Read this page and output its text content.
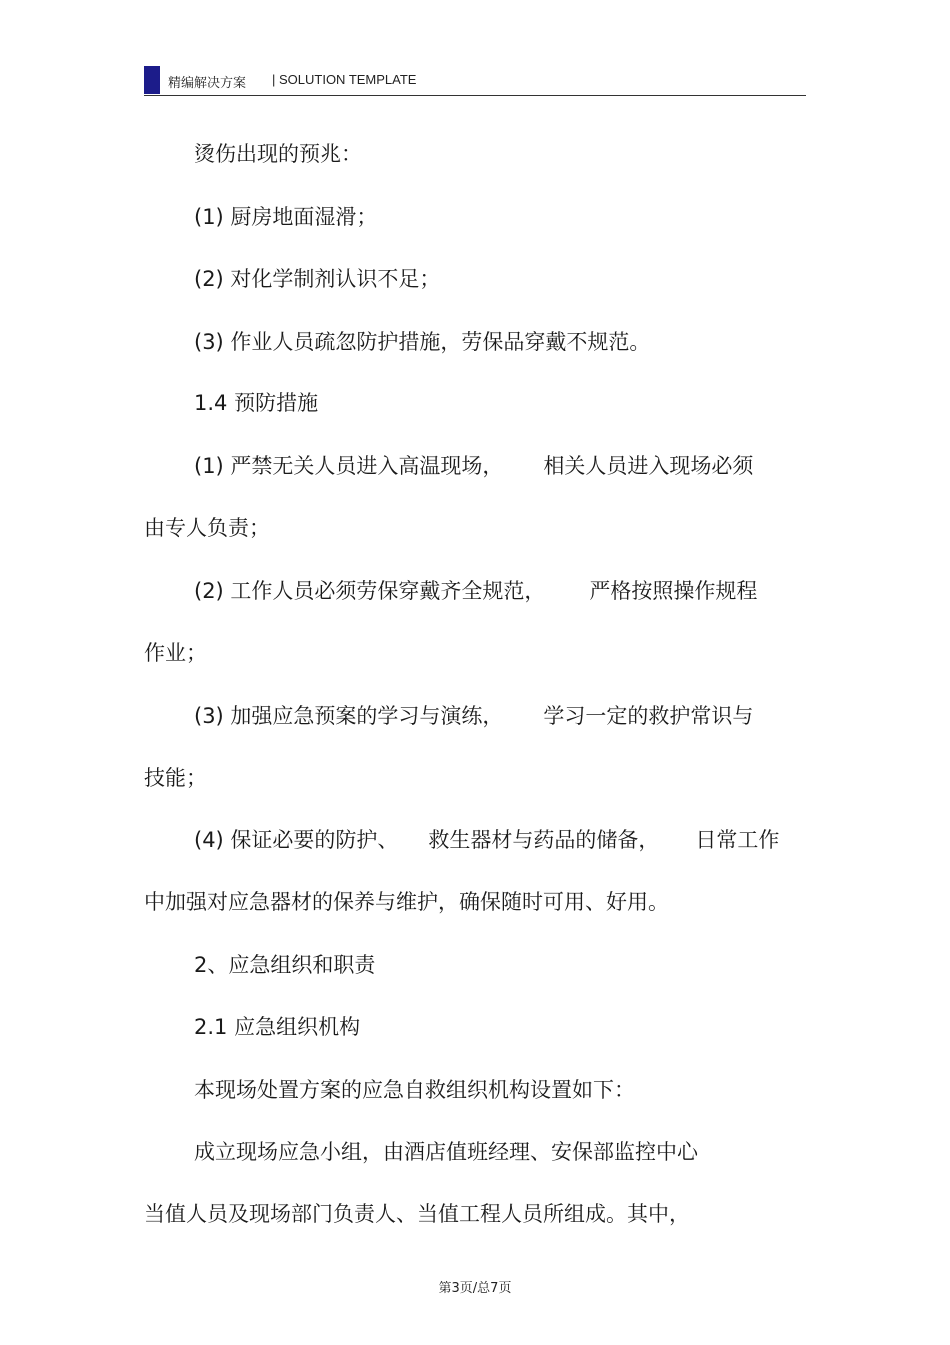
精编解决方案 | SOLUTION TEMPLATE
烫伤出现的预兆：
(1) 厨房地面湿滑；
(2) 对化学制剂认识不足；
(3) 作业人员疏忽防护措施，劳保品穿戴不规范。
1.4 预防措施
(1) 严禁无关人员进入高温现场， 相关人员进入现场必须
由专人负责；
(2) 工作人员必须劳保穿戴齐全规范， 严格按照操作规程
作业；
(3) 加强应急预案的学习与演练， 学习一定的救护常识与
技能；
(4) 保证必要的防护、 救生器材与药品的储备， 日常工作
中加强对应急器材的保养与维护，确保随时可用、好用。
2、应急组织和职责
2.1 应急组织机构
本现场处置方案的应急自救组织机构设置如下：
成立现场应急小组，由酒店值班经理、安保部监控中心
当值人员及现场部门负责人、当值工程人员所组成。其中，
第3页/总7页
